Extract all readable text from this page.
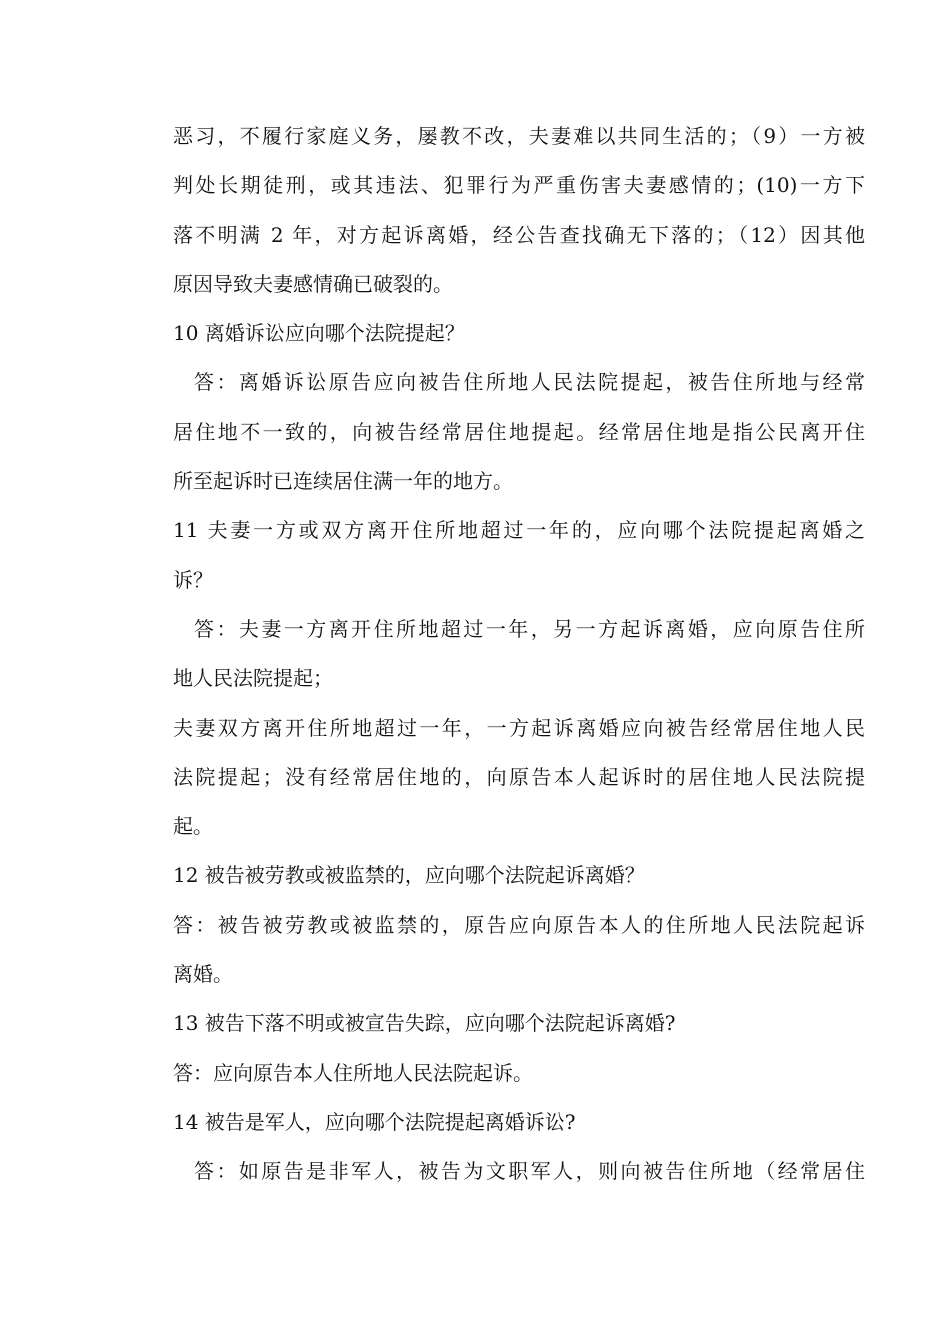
恶习，不履行家庭义务，屡教不改，夫妻难以共同生活的；（9）一方被
判处长期徒刑，或其违法、犯罪行为严重伤害夫妻感情的；(10)一方下
落不明满 2 年，对方起诉离婚，经公告查找确无下落的；（12）因其他
原因导致夫妻感情确已破裂的。
10 离婚诉讼应向哪个法院提起？
答：离婚诉讼原告应向被告住所地人民法院提起，被告住所地与经常
居住地不一致的，向被告经常居住地提起。经常居住地是指公民离开住
所至起诉时已连续居住满一年的地方。
11 夫妻一方或双方离开住所地超过一年的，应向哪个法院提起离婚之
诉？
答：夫妻一方离开住所地超过一年，另一方起诉离婚，应向原告住所
地人民法院提起；
夫妻双方离开住所地超过一年，一方起诉离婚应向被告经常居住地人民
法院提起；没有经常居住地的，向原告本人起诉时的居住地人民法院提
起。
12 被告被劳教或被监禁的，应向哪个法院起诉离婚？
答：被告被劳教或被监禁的，原告应向原告本人的住所地人民法院起诉
离婚。
13 被告下落不明或被宣告失踪，应向哪个法院起诉离婚?
答：应向原告本人住所地人民法院起诉。
14 被告是军人，应向哪个法院提起离婚诉讼?
答：如原告是非军人，被告为文职军人，则向被告住所地（经常居住
